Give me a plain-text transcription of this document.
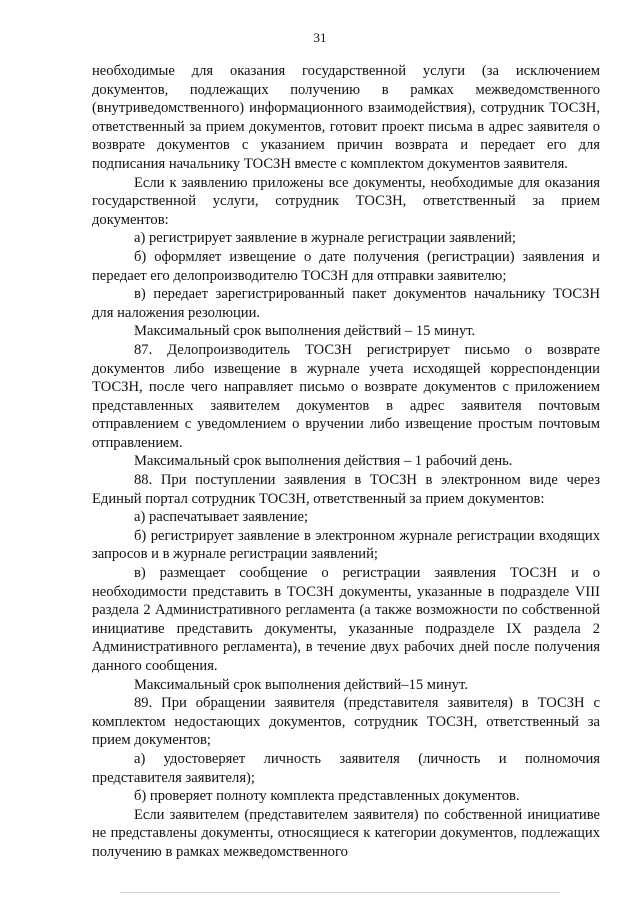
31

необходимые для оказания государственной услуги (за исключением документов, подлежащих получению в рамках межведомственного (внутриведомственного) информационного взаимодействия), сотрудник ТОСЗН, ответственный за прием документов, готовит проект письма в адрес заявителя о возврате документов с указанием причин возврата и передает его для подписания начальнику ТОСЗН вместе с комплектом документов заявителя.

Если к заявлению приложены все документы, необходимые для оказания государственной услуги, сотрудник ТОСЗН, ответственный за прием документов:

а) регистрирует заявление в журнале регистрации заявлений;

б) оформляет извещение о дате получения (регистрации) заявления и передает его делопроизводителю ТОСЗН для отправки заявителю;

в) передает зарегистрированный пакет документов начальнику ТОСЗН для наложения резолюции.

Максимальный срок выполнения действий – 15 минут.

87. Делопроизводитель ТОСЗН регистрирует письмо о возврате документов либо извещение в журнале учета исходящей корреспонденции ТОСЗН, после чего направляет письмо о возврате документов с приложением представленных заявителем документов в адрес заявителя почтовым отправлением с уведомлением о вручении либо извещение простым почтовым отправлением.

Максимальный срок выполнения действия – 1 рабочий день.

88. При поступлении заявления в ТОСЗН в электронном виде через Единый портал сотрудник ТОСЗН, ответственный за прием документов:

а) распечатывает заявление;

б) регистрирует заявление в электронном журнале регистрации входящих запросов и в журнале регистрации заявлений;

в) размещает сообщение о регистрации заявления ТОСЗН и о необходимости представить в ТОСЗН документы, указанные в подразделе VIII раздела 2 Административного регламента (а также возможности по собственной инициативе представить документы, указанные подразделе IX раздела 2 Административного регламента), в течение двух рабочих дней после получения данного сообщения.

Максимальный срок выполнения действий–15 минут.

89. При обращении заявителя (представителя заявителя) в ТОСЗН с комплектом недостающих документов, сотрудник ТОСЗН, ответственный за прием документов;

а) удостоверяет личность заявителя (личность и полномочия представителя заявителя);

б) проверяет полноту комплекта представленных документов.

Если заявителем (представителем заявителя) по собственной инициативе не представлены документы, относящиеся к категории документов, подлежащих получению в рамках межведомственного
